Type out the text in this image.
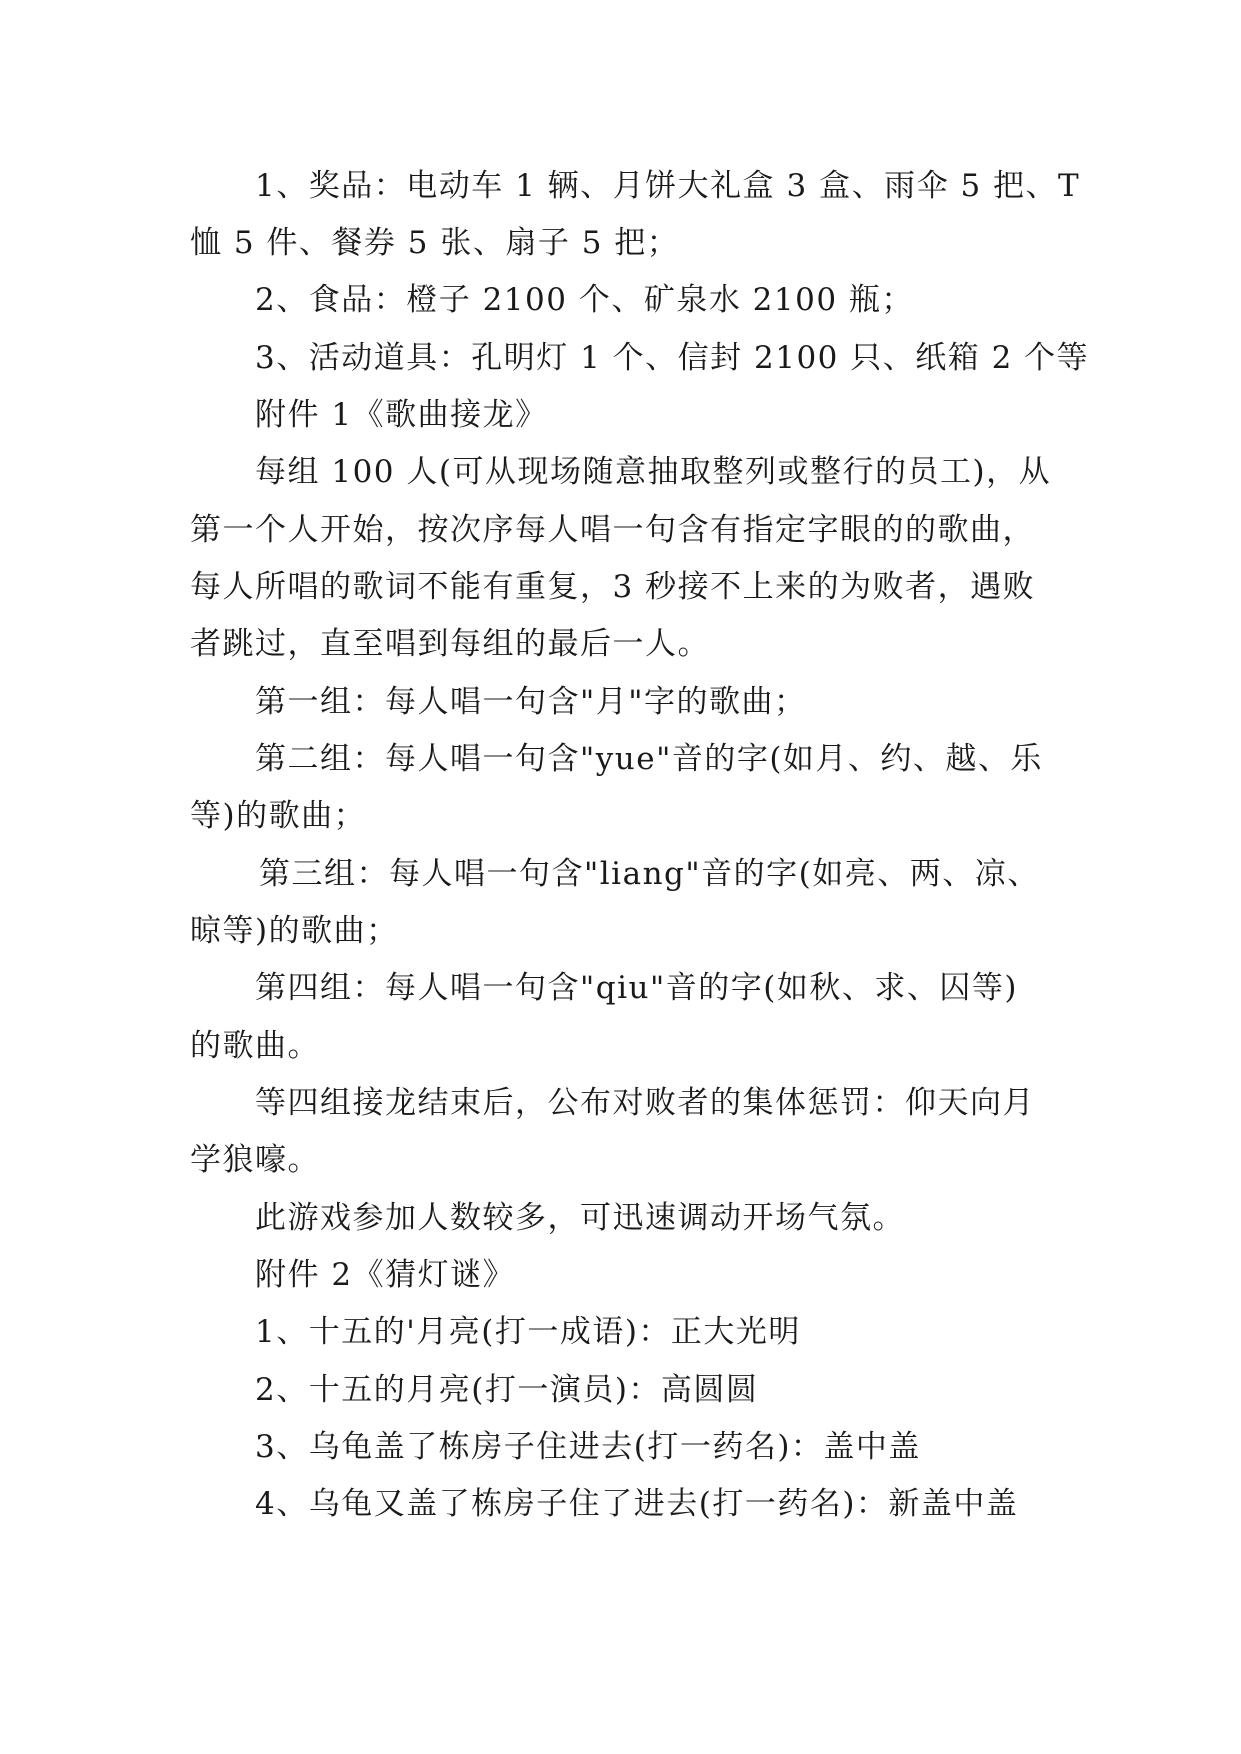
1、奖品：电动车 1 辆、月饼大礼盒 3 盒、雨伞 5 把、T
恤 5 件、餐券 5 张、扇子 5 把；
2、食品：橙子 2100 个、矿泉水 2100 瓶；
3、活动道具：孔明灯 1 个、信封 2100 只、纸箱 2 个等
附件 1《歌曲接龙》
每组 100 人(可从现场随意抽取整列或整行的员工)，从
第一个人开始，按次序每人唱一句含有指定字眼的的歌曲，
每人所唱的歌词不能有重复，3 秒接不上来的为败者，遇败
者跳过，直至唱到每组的最后一人。
第一组：每人唱一句含"月"字的歌曲；
第二组：每人唱一句含"yue"音的字(如月、约、越、乐
等)的歌曲；
第三组：每人唱一句含"liang"音的字(如亮、两、凉、
晾等)的歌曲；
第四组：每人唱一句含"qiu"音的字(如秋、求、囚等)
的歌曲。
等四组接龙结束后，公布对败者的集体惩罚：仰天向月
学狼嚎。
此游戏参加人数较多，可迅速调动开场气氛。
附件 2《猜灯谜》
1、十五的'月亮(打一成语)：正大光明
2、十五的月亮(打一演员)：高圆圆
3、乌龟盖了栋房子住进去(打一药名)：盖中盖
4、乌龟又盖了栋房子住了进去(打一药名)：新盖中盖
